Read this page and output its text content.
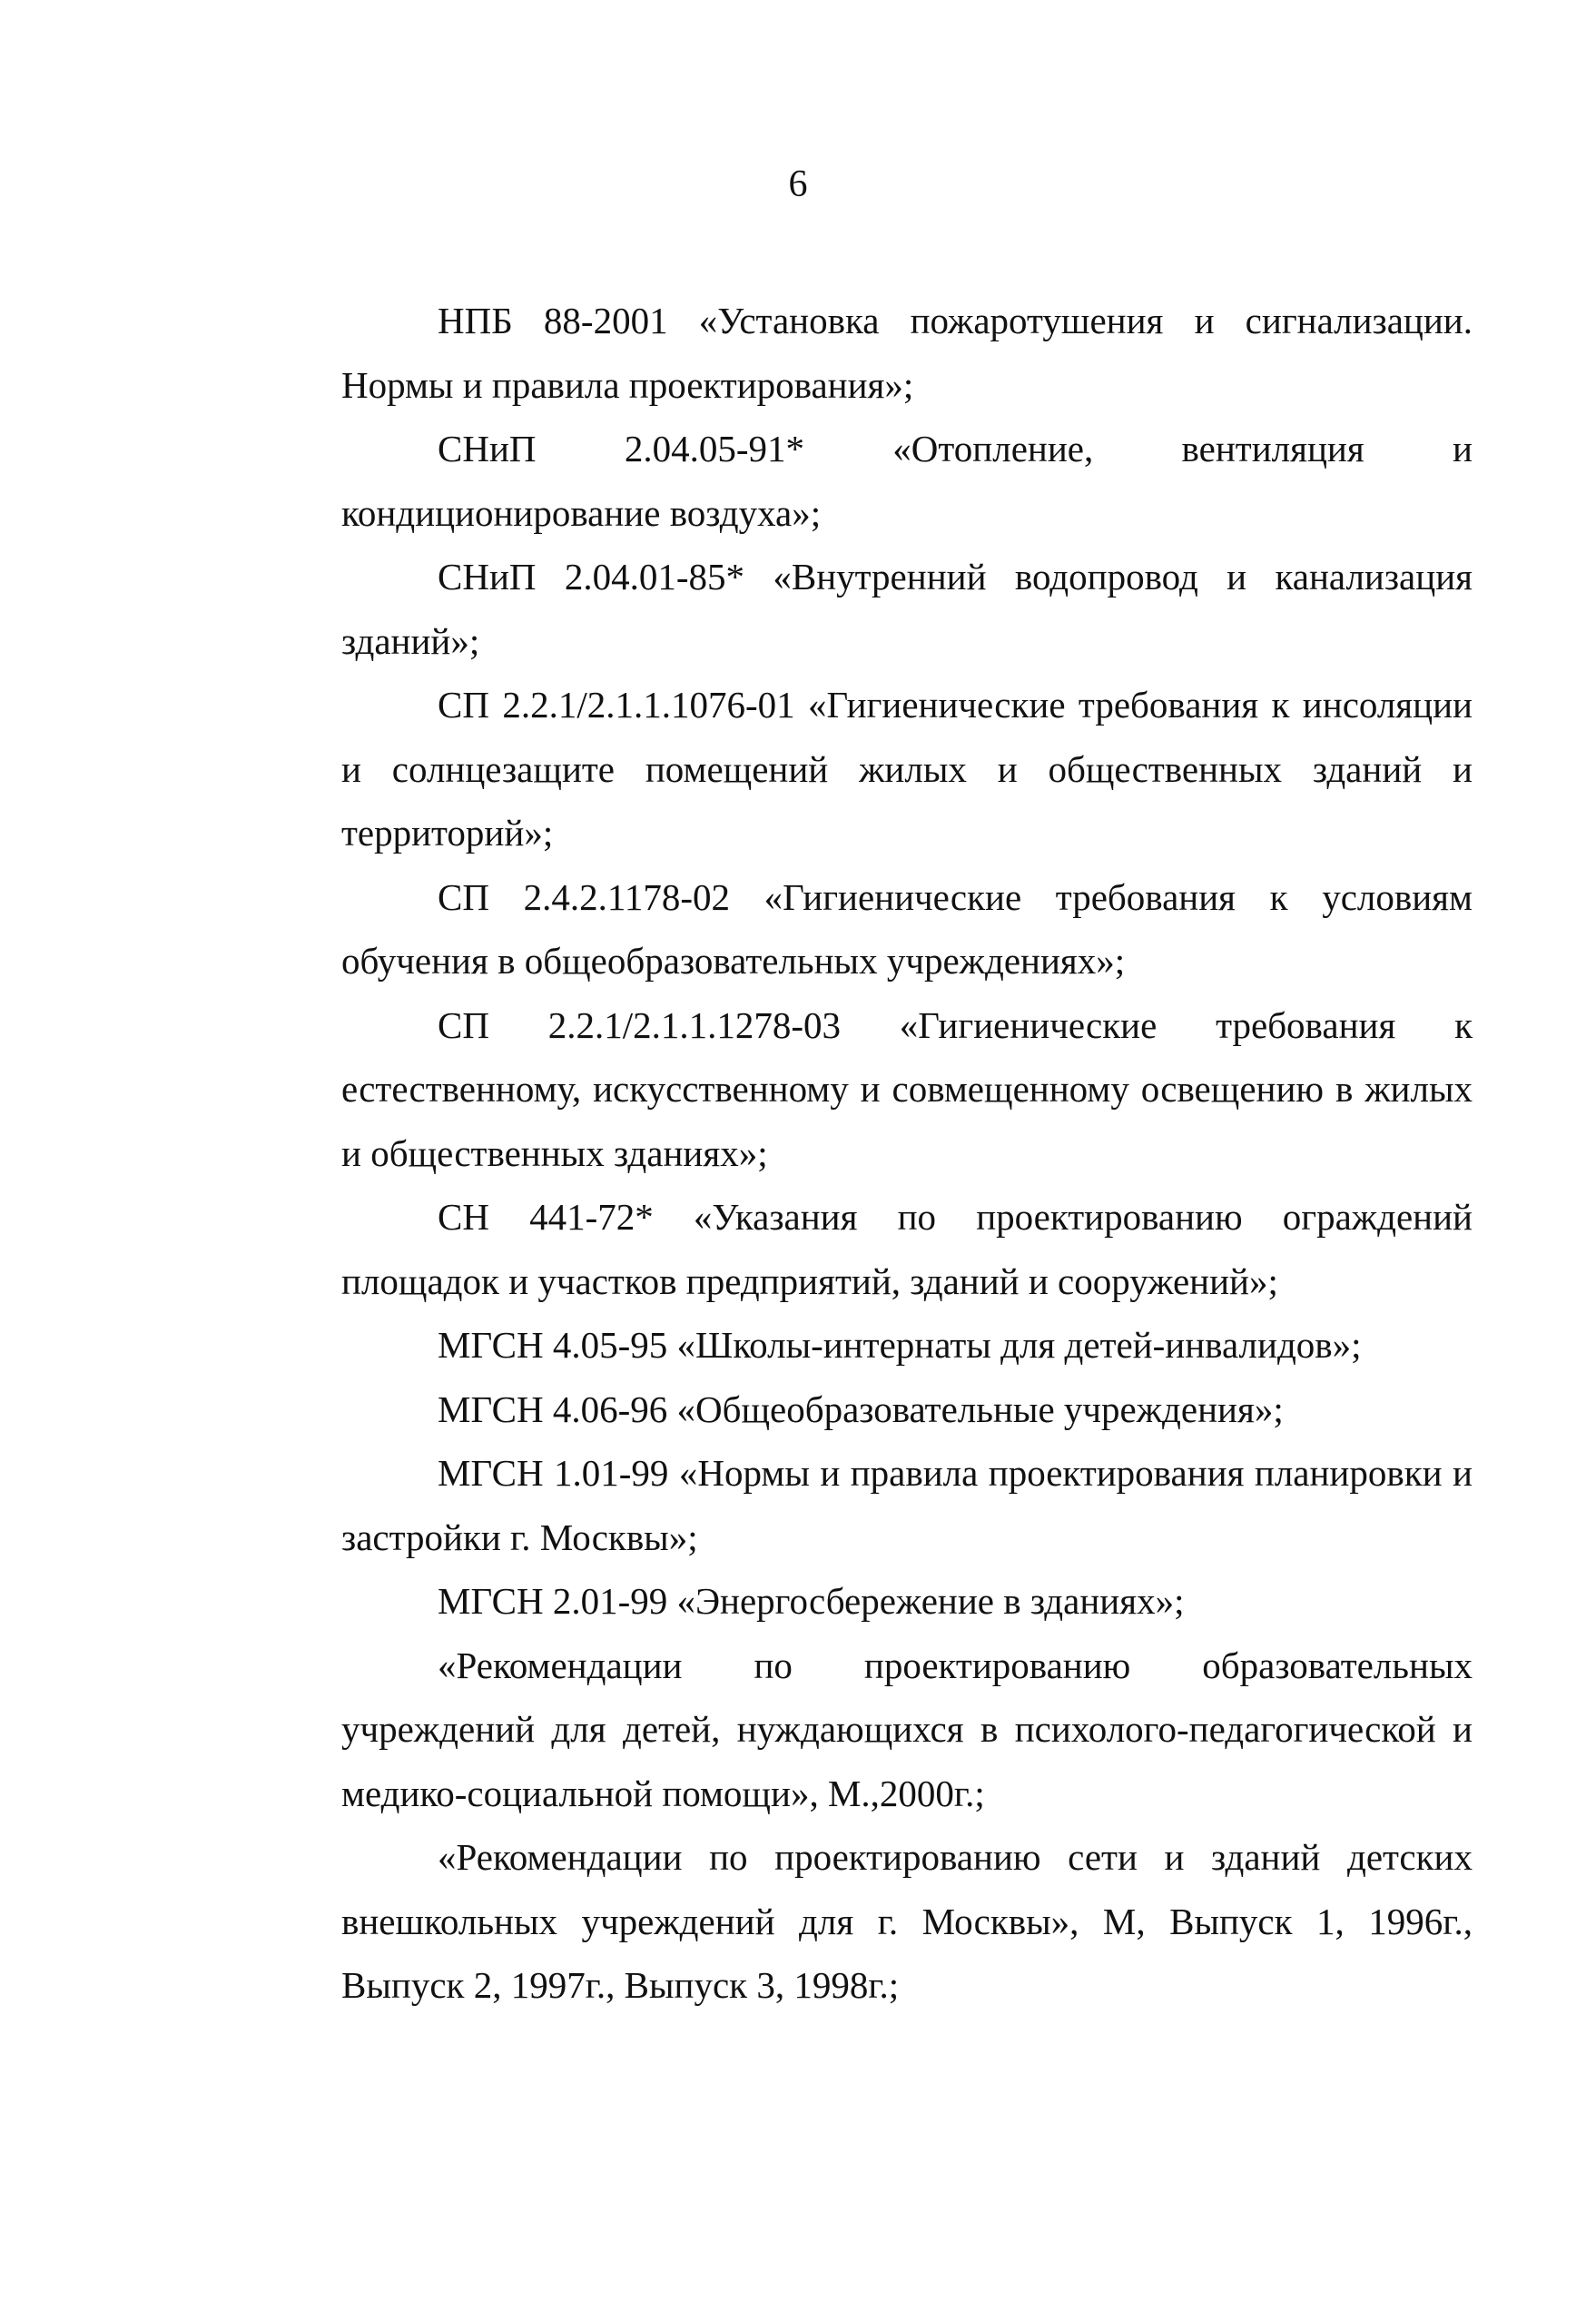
6

НПБ 88-2001 «Установка пожаротушения и сигнализации. Нормы и правила проектирования»;

СНиП 2.04.05-91* «Отопление, вентиляция и кондиционирование воздуха»;

СНиП 2.04.01-85* «Внутренний водопровод и канализация зданий»;

СП 2.2.1/2.1.1.1076-01 «Гигиенические требования к инсоляции и солнцезащите помещений жилых и общественных зданий и территорий»;

СП 2.4.2.1178-02 «Гигиенические требования к условиям обучения в общеобразовательных учреждениях»;

СП 2.2.1/2.1.1.1278-03 «Гигиенические требования к естественному, искусственному и совмещенному освещению в жилых и общественных зданиях»;

СН 441-72* «Указания по проектированию ограждений площадок и участков предприятий, зданий и сооружений»;

МГСН 4.05-95 «Школы-интернаты для детей-инвалидов»;

МГСН 4.06-96 «Общеобразовательные учреждения»;

МГСН 1.01-99 «Нормы и правила проектирования планировки и застройки г. Москвы»;

МГСН 2.01-99 «Энергосбережение в зданиях»;

«Рекомендации по проектированию образовательных учреждений для детей, нуждающихся в психолого-педагогической и медико-социальной помощи», М.,2000г.;

«Рекомендации по проектированию сети и зданий детских внешкольных учреждений для г. Москвы», М, Выпуск 1, 1996г., Выпуск 2, 1997г., Выпуск 3, 1998г.;
